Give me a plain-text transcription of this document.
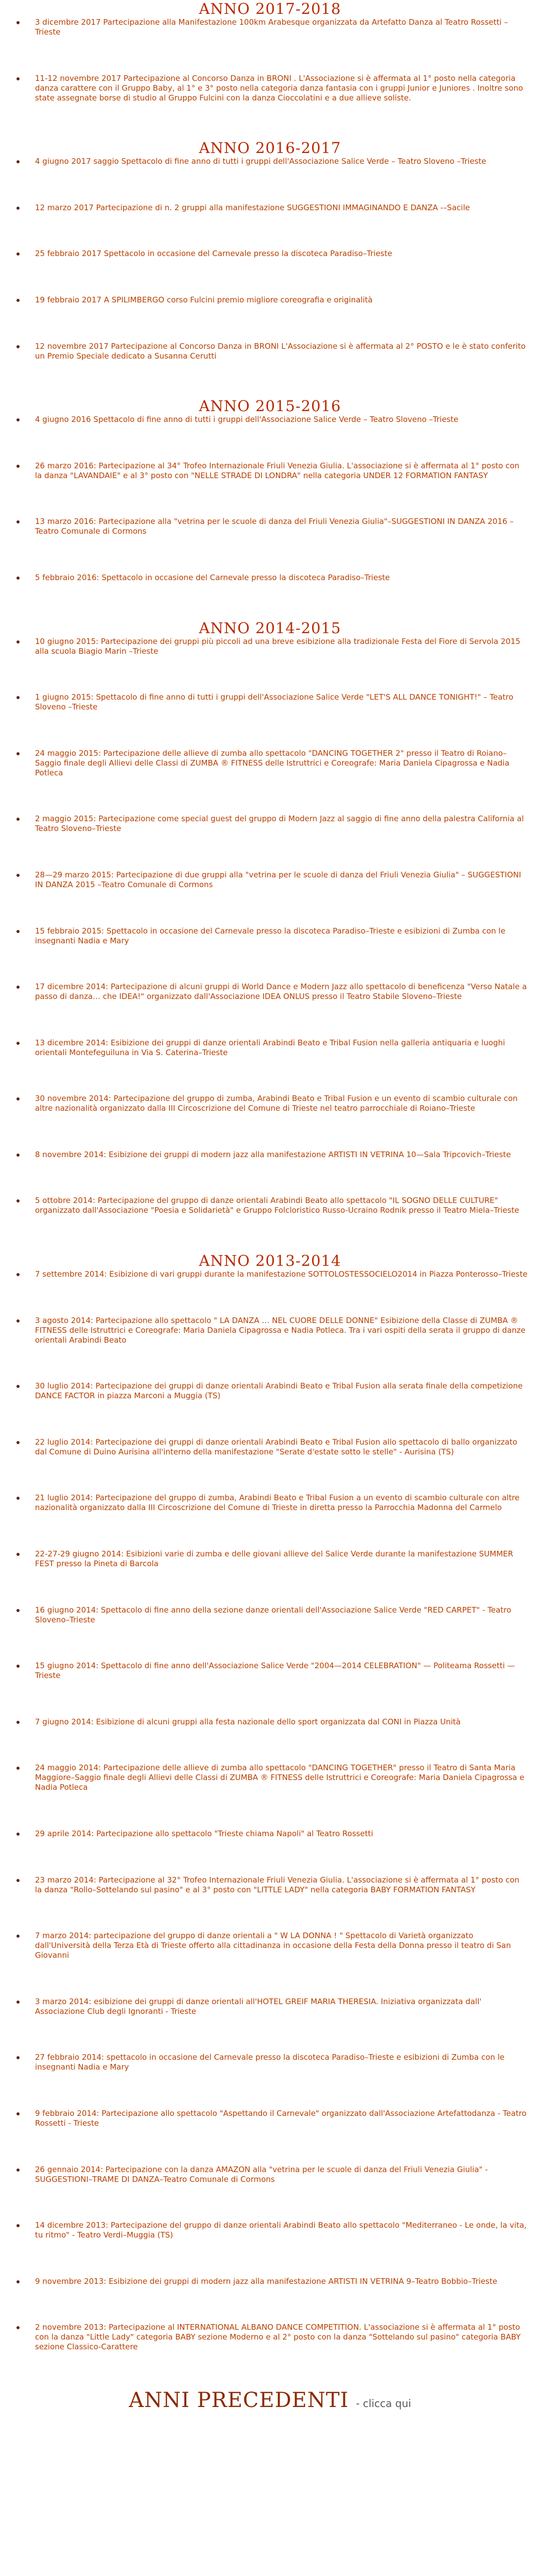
ANNO 2017-2018
3 dicembre 2017 Partecipazione alla Manifestazione 100km Arabesque organizzata da Artefatto Danza al Teatro Rossetti – Trieste
11-12 novembre 2017 Partecipazione al Concorso Danza in BRONI . L'Associazione si è affermata al 1° posto nella categoria danza carattere con il Gruppo Baby, al 1° e 3° posto nella categoria danza fantasia con i gruppi Junior e Juniores . Inoltre sono state assegnate borse di studio al Gruppo Fulcini con la danza Cioccolatini e a due allieve soliste.
ANNO 2016-2017
4 giugno 2017 saggio Spettacolo di fine anno di tutti i gruppi dell'Associazione Salice Verde – Teatro Sloveno –Trieste
12 marzo 2017 Partecipazione di n. 2 gruppi alla manifestazione SUGGESTIONI IMMAGINANDO E DANZA -–Sacile
25 febbraio 2017 Spettacolo in occasione del Carnevale presso la discoteca Paradiso–Trieste
19 febbraio 2017 A SPILIMBERGO corso Fulcini premio migliore coreografia e originalità
12 novembre 2017 Partecipazione al Concorso Danza in BRONI L'Associazione si è affermata al 2° POSTO e le è stato conferito un Premio Speciale dedicato a Susanna Cerutti
ANNO 2015-2016
4 giugno 2016 Spettacolo di fine anno di tutti i gruppi dell'Associazione Salice Verde – Teatro Sloveno –Trieste
26 marzo 2016: Partecipazione al 34° Trofeo Internazionale Friuli Venezia Giulia. L'associazione si è affermata al 1° posto con la danza "LAVANDAIE" e al 3° posto con "NELLE STRADE DI LONDRA" nella categoria UNDER 12 FORMATION FANTASY
13 marzo 2016: Partecipazione alla "vetrina per le scuole di danza del Friuli Venezia Giulia"–SUGGESTIONI IN DANZA 2016 –Teatro Comunale di Cormons
5 febbraio 2016: Spettacolo in occasione del Carnevale presso la discoteca Paradiso–Trieste
ANNO 2014-2015
10 giugno 2015: Partecipazione dei gruppi più piccoli ad una breve esibizione alla tradizionale Festa del Fiore di Servola 2015 alla scuola Biagio Marin –Trieste
1 giugno 2015: Spettacolo di fine anno di tutti i gruppi dell'Associazione Salice Verde "LET'S ALL DANCE TONIGHT!" – Teatro Sloveno –Trieste
24 maggio 2015: Partecipazione delle allieve di zumba allo spettacolo "DANCING TOGETHER 2" presso il Teatro di Roiano–Saggio finale degli Allievi delle Classi di ZUMBA ® FITNESS delle Istruttrici e Coreografe: Maria Daniela Cipagrossa e Nadia Potleca
2 maggio 2015: Partecipazione come special guest del gruppo di Modern Jazz al saggio di fine anno della palestra California al Teatro Sloveno–Trieste
28—29 marzo 2015: Partecipazione di due gruppi alla "vetrina per le scuole di danza del Friuli Venezia Giulia" – SUGGESTIONI IN DANZA 2015 –Teatro Comunale di Cormons
15 febbraio 2015: Spettacolo in occasione del Carnevale presso la discoteca Paradiso–Trieste e esibizioni di Zumba con le insegnanti Nadia e Mary
17 dicembre 2014: Partecipazione di alcuni gruppi di World Dance e Modern Jazz allo spettacolo di beneficenza "Verso Natale a passo di danza… che IDEA!" organizzato dall'Associazione IDEA ONLUS presso il Teatro Stabile Sloveno–Trieste
13 dicembre 2014: Esibizione dei gruppi di danze orientali Arabindi Beato e Tribal Fusion nella galleria antiquaria e luoghi orientali Montefeguiluna in Via S. Caterina–Trieste
30 novembre 2014: Partecipazione del gruppo di zumba, Arabindi Beato e Tribal Fusion e un evento di scambio culturale con altre nazionalità organizzato dalla III Circoscrizione del Comune di Trieste nel teatro parrocchiale di Roiano–Trieste
8 novembre 2014: Esibizione dei gruppi di modern jazz alla manifestazione ARTISTI IN VETRINA 10—Sala Tripcovich–Trieste
5 ottobre 2014: Partecipazione del gruppo di danze orientali Arabindi Beato allo spettacolo "IL SOGNO DELLE CULTURE" organizzato dall'Associazione "Poesia e Solidarietà" e Gruppo Folcloristico Russo-Ucraino Rodnik presso il Teatro Miela–Trieste
ANNO 2013-2014
7 settembre 2014: Esibizione di vari gruppi durante la manifestazione SOTTOLOSTESSOCIELO2014 in Piazza Ponterosso–Trieste
3 agosto 2014: Partecipazione allo spettacolo " LA DANZA … NEL CUORE DELLE DONNE" Esibizione della Classe di ZUMBA ® FITNESS delle Istruttrici e Coreografe: Maria Daniela Cipagrossa e Nadia Potleca. Tra i vari ospiti della serata il gruppo di danze orientali Arabindi Beato
30 luglio 2014: Partecipazione dei gruppi di danze orientali Arabindi Beato e Tribal Fusion alla serata finale della competizione DANCE FACTOR in piazza Marconi a Muggia (TS)
22 luglio 2014: Partecipazione dei gruppi di danze orientali Arabindi Beato e Tribal Fusion allo spettacolo di ballo organizzato dal Comune di Duino Aurisina all'interno della manifestazione "Serate d'estate sotto le stelle" - Aurisina (TS)
21 luglio 2014: Partecipazione del gruppo di zumba, Arabindi Beato e Tribal Fusion a un evento di scambio culturale con altre nazionalità organizzato dalla III Circoscrizione del Comune di Trieste in diretta presso la Parrocchia Madonna del Carmelo
22-27-29 giugno 2014: Esibizioni varie di zumba e delle giovani allieve del Salice Verde durante la manifestazione SUMMER FEST presso la Pineta di Barcola
16 giugno 2014: Spettacolo di fine anno della sezione danze orientali dell'Associazione Salice Verde "RED CARPET" - Teatro Sloveno–Trieste
15 giugno 2014: Spettacolo di fine anno dell'Associazione Salice Verde "2004—2014 CELEBRATION" — Politeama Rossetti —Trieste
7 giugno 2014: Esibizione di alcuni gruppi alla festa nazionale dello sport organizzata dal CONI in Piazza Unità
24 maggio 2014: Partecipazione delle allieve di zumba allo spettacolo "DANCING TOGETHER" presso il Teatro di Santa Maria Maggiore–Saggio finale degli Allievi delle Classi di ZUMBA ® FITNESS delle Istruttrici e Coreografe: Maria Daniela Cipagrossa e Nadia Potleca
29 aprile 2014: Partecipazione allo spettacolo "Trieste chiama Napoli" al Teatro Rossetti
23 marzo 2014: Partecipazione al 32° Trofeo Internazionale Friuli Venezia Giulia. L'associazione si è affermata al 1° posto con la danza "Rollo–Sottelando sul pasino" e al 3° posto con "LITTLE LADY" nella categoria BABY FORMATION FANTASY
7 marzo 2014: partecipazione del gruppo di danze orientali a " W LA DONNA ! " Spettacolo di Varietà organizzato dall'Università della Terza Età di Trieste offerto alla cittadinanza in occasione della Festa della Donna presso il teatro di San Giovanni
3 marzo 2014: esibizione dei gruppi di danze orientali all'HOTEL GREIF MARIA THERESIA. Iniziativa organizzata dall' Associazione Club degli Ignoranti - Trieste
27 febbraio 2014: spettacolo in occasione del Carnevale presso la discoteca Paradiso–Trieste e esibizioni di Zumba con le insegnanti Nadia e Mary
9 febbraio 2014: Partecipazione allo spettacolo "Aspettando il Carnevale" organizzato dall'Associazione Artefattodanza - Teatro Rossetti - Trieste
26 gennaio 2014: Partecipazione con la danza AMAZON alla "vetrina per le scuole di danza del Friuli Venezia Giulia" - SUGGESTIONI–TRAME DI DANZA–Teatro Comunale di Cormons
14 dicembre 2013: Partecipazione del gruppo di danze orientali Arabindi Beato allo spettacolo "Mediterraneo - Le onde, la vita, tu ritmo" - Teatro Verdi–Muggia (TS)
9 novembre 2013: Esibizione dei gruppi di modern jazz alla manifestazione ARTISTI IN VETRINA 9–Teatro Bobbio–Trieste
2 novembre 2013: Partecipazione al INTERNATIONAL ALBANO DANCE COMPETITION. L'associazione si è affermata al 1° posto con la danza "Little Lady" categoria BABY sezione Moderno e al 2° posto con la danza "Sottelando sul pasino" categoria BABY sezione Classico-Carattere
ANNI PRECEDENTI - clicca qui
